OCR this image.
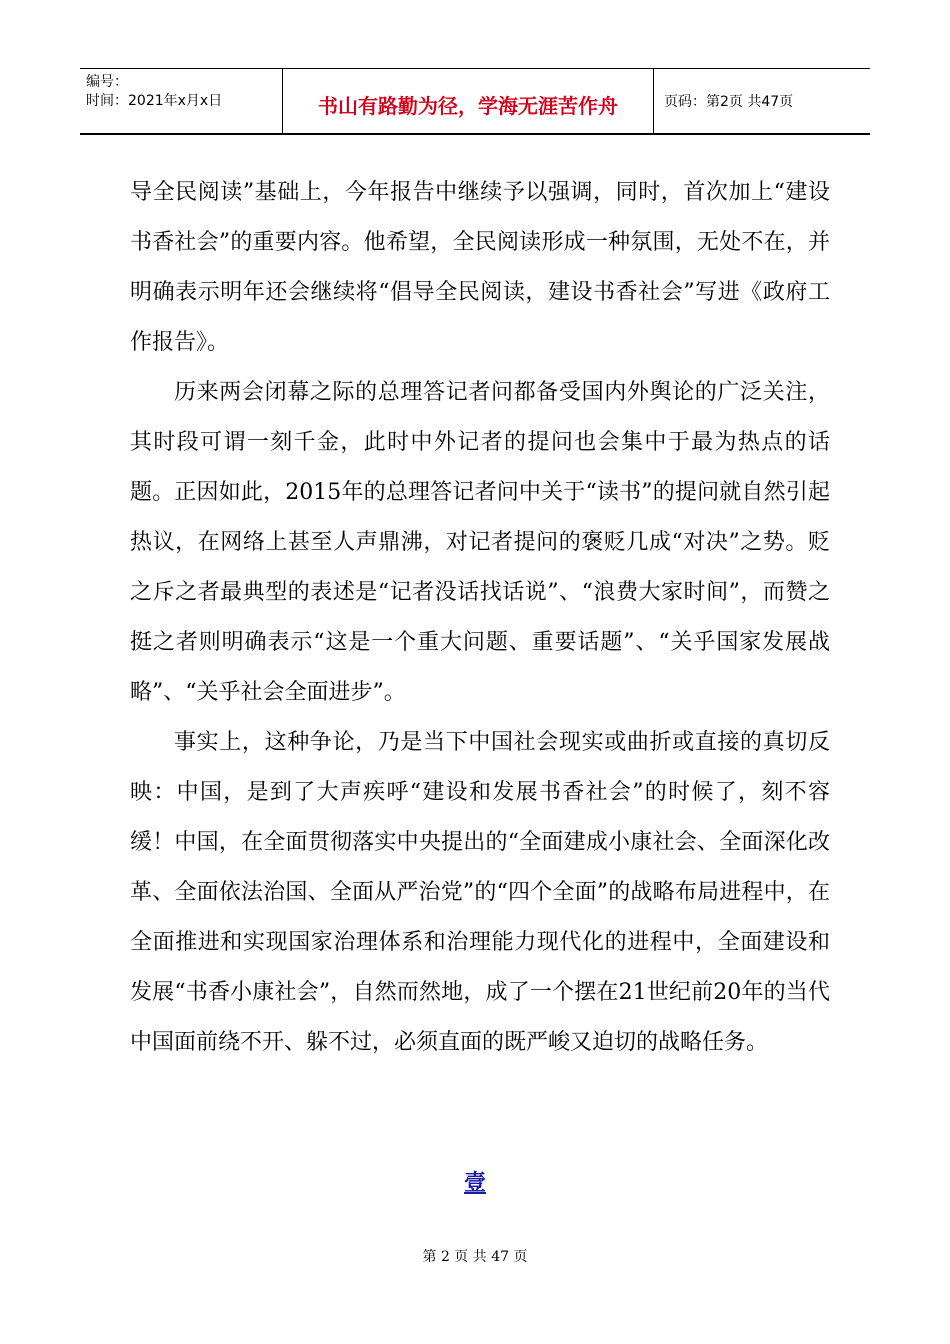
编号：
时间：2021年x月x日	书山有路勤为径，学海无涯苦作舟	页码：第2页 共47页

导全民阅读”基础上，今年报告中继续予以强调，同时，首次加上“建设书香社会”的重要内容。他希望，全民阅读形成一种氛围，无处不在，并明确表示明年还会继续将“倡导全民阅读，建设书香社会”写进《政府工作报告》。

历来两会闭幕之际的总理答记者问都备受国内外舆论的广泛关注，其时段可谓一刻千金，此时中外记者的提问也会集中于最为热点的话题。正因如此，2015年的总理答记者问中关于“读书”的提问就自然引起热议，在网络上甚至人声鼎沸，对记者提问的褒贬几成“对决”之势。贬之斥之者最典型的表述是“记者没话找话说”、“浪费大家时间”，而赞之挺之者则明确表示“这是一个重大问题、重要话题”、“关乎国家发展战略”、“关乎社会全面进步”。

事实上，这种争论，乃是当下中国社会现实或曲折或直接的真切反映：中国，是到了大声疾呼“建设和发展书香社会”的时候了，刻不容缓！中国，在全面贯彻落实中央提出的“全面建成小康社会、全面深化改革、全面依法治国、全面从严治党”的“四个全面”的战略布局进程中，在全面推进和实现国家治理体系和治理能力现代化的进程中，全面建设和发展“书香小康社会”，自然而然地，成了一个摆在21世纪前20年的当代中国面前绕不开、躲不过，必须直面的既严峻又迫切的战略任务。

壹
第 2 页 共 47 页
